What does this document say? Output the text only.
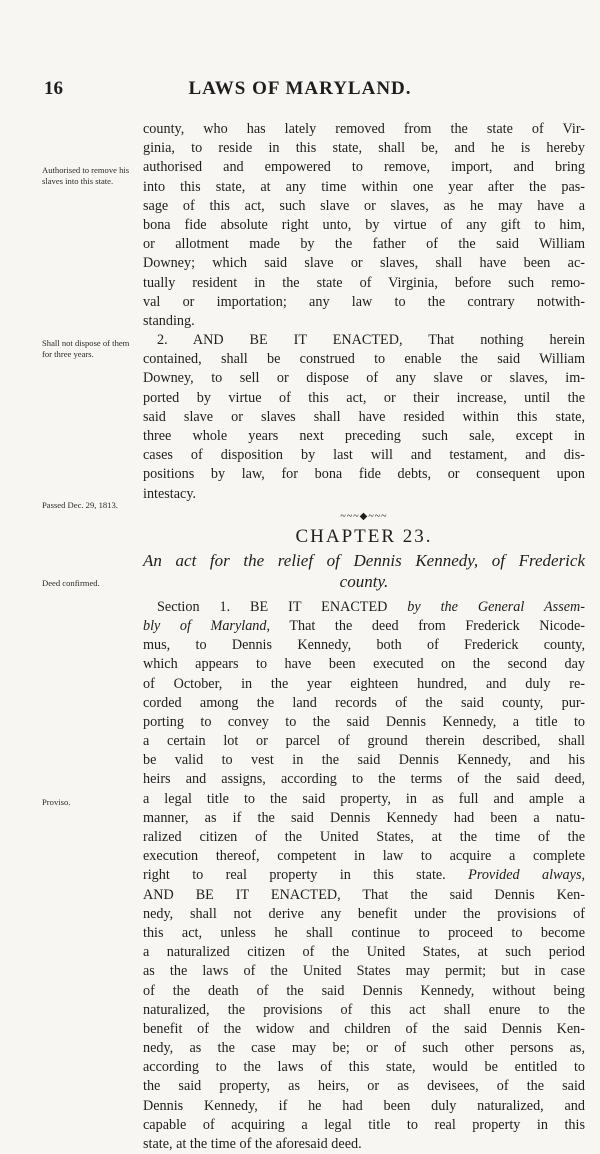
16	LAWS OF MARYLAND.
Authorised to remove his slaves into this state.
Shall not dispose of them for three years.
Passed Dec. 29, 1813.
Deed confirmed.
Proviso.
county, who has lately removed from the state of Vir-
ginia, to reside in this state, shall be, and he is hereby
authorised and empowered to remove, import, and bring
into this state, at any time within one year after the pas-
sage of this act, such slave or slaves, as he may have a
bona fide absolute right unto, by virtue of any gift to him,
or allotment made by the father of the said William
Downey; which said slave or slaves, shall have been ac-
tually resident in the state of Virginia, before such remo-
val or importation; any law to the contrary notwith-
standing.
2. AND BE IT ENACTED, That nothing herein
contained, shall be construed to enable the said William
Downey, to sell or dispose of any slave or slaves, im-
ported by virtue of this act, or their increase, until the
said slave or slaves shall have resided within this state,
three whole years next preceding such sale, except in
cases of disposition by last will and testament, and dis-
positions by law, for bona fide debts, or consequent upon
intestacy.
~~~◆~~~
CHAPTER 23.
An act for the relief of Dennis Kennedy, of Frederick
county.
Section 1. BE IT ENACTED by the General Assem-
bly of Maryland, That the deed from Frederick Nicode-
mus, to Dennis Kennedy, both of Frederick county,
which appears to have been executed on the second day
of October, in the year eighteen hundred, and duly re-
corded among the land records of the said county, pur-
porting to convey to the said Dennis Kennedy, a title to
a certain lot or parcel of ground therein described, shall
be valid to vest in the said Dennis Kennedy, and his
heirs and assigns, according to the terms of the said deed,
a legal title to the said property, in as full and ample a
manner, as if the said Dennis Kennedy had been a natu-
ralized citizen of the United States, at the time of the
execution thereof, competent in law to acquire a complete
right to real property in this state. Provided always,
AND BE IT ENACTED, That the said Dennis Ken-
nedy, shall not derive any benefit under the provisions of
this act, unless he shall continue to proceed to become
a naturalized citizen of the United States, at such period
as the laws of the United States may permit; but in case
of the death of the said Dennis Kennedy, without being
naturalized, the provisions of this act shall enure to the
benefit of the widow and children of the said Dennis Ken-
nedy, as the case may be; or of such other persons as,
according to the laws of this state, would be entitled to
the said property, as heirs, or as devisees, of the said
Dennis Kennedy, if he had been duly naturalized, and
capable of acquiring a legal title to real property in this
state, at the time of the aforesaid deed.
